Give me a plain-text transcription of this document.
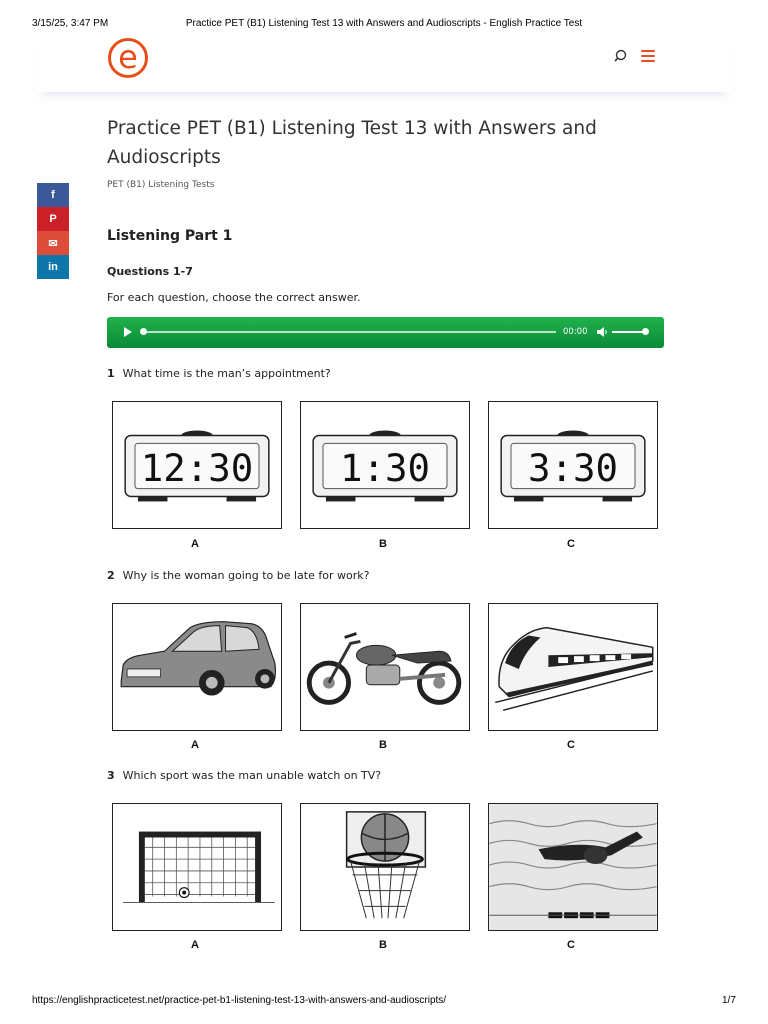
3/15/25, 3:47 PM	Practice PET (B1) Listening Test 13 with Answers and Audioscripts - English Practice Test
e
f
P
✉
in
Practice PET (B1) Listening Test 13 with Answers and Audioscripts
PET (B1) Listening Tests
Listening Part 1
Questions 1-7
For each question, choose the correct answer.
00:00
1 What time is the man’s appointment?
12:30 1:30	3:30
A	B	C
2 Why is the woman going to be late for work?
A	B	C
3 Which sport was the man unable watch on TV?
A	B	C
https://englishpracticetest.net/practice-pet-b1-listening-test-13-with-answers-and-audioscripts/	1/7
